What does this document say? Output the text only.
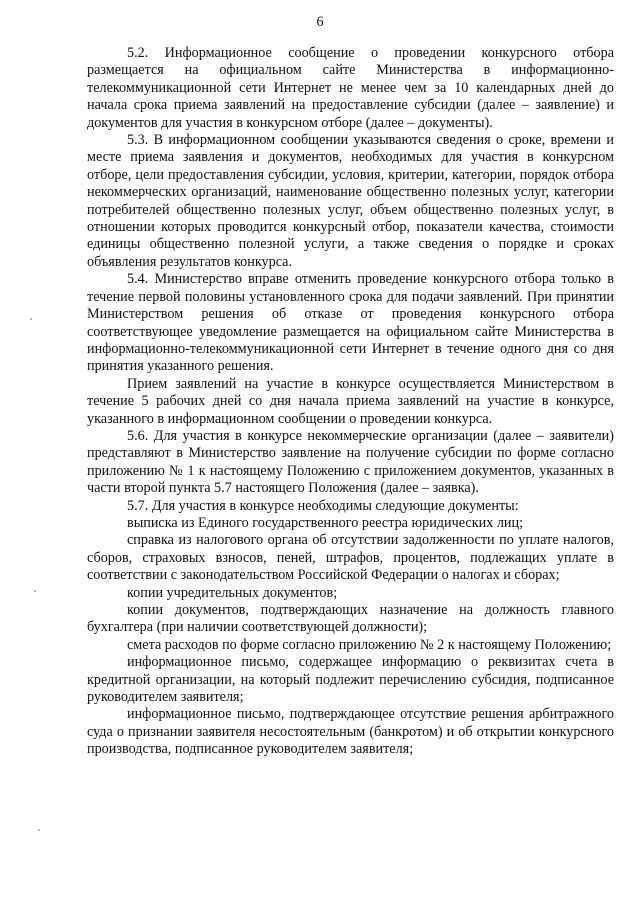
6

5.2. Информационное сообщение о проведении конкурсного отбора размещается на официальном сайте Министерства в информационно-телекоммуникационной сети Интернет не менее чем за 10 календарных дней до начала срока приема заявлений на предоставление субсидии (далее – заявление) и документов для участия в конкурсном отборе (далее – документы).

5.3. В информационном сообщении указываются сведения о сроке, времени и месте приема заявления и документов, необходимых для участия в конкурсном отборе, цели предоставления субсидии, условия, критерии, категории, порядок отбора некоммерческих организаций, наименование общественно полезных услуг, категории потребителей общественно полезных услуг, объем общественно полезных услуг, в отношении которых проводится конкурсный отбор, показатели качества, стоимости единицы общественно полезной услуги, а также сведения о порядке и сроках объявления результатов конкурса.

5.4. Министерство вправе отменить проведение конкурсного отбора только в течение первой половины установленного срока для подачи заявлений. При принятии Министерством решения об отказе от проведения конкурсного отбора соответствующее уведомление размещается на официальном сайте Министерства в информационно-телекоммуникационной сети Интернет в течение одного дня со дня принятия указанного решения.

Прием заявлений на участие в конкурсе осуществляется Министерством в течение 5 рабочих дней со дня начала приема заявлений на участие в конкурсе, указанного в информационном сообщении о проведении конкурса.

5.6. Для участия в конкурсе некоммерческие организации (далее – заявители) представляют в Министерство заявление на получение субсидии по форме согласно приложению № 1 к настоящему Положению с приложением документов, указанных в части второй пункта 5.7 настоящего Положения (далее – заявка).

5.7. Для участия в конкурсе необходимы следующие документы:

выписка из Единого государственного реестра юридических лиц;

справка из налогового органа об отсутствии задолженности по уплате налогов, сборов, страховых взносов, пеней, штрафов, процентов, подлежащих уплате в соответствии с законодательством Российской Федерации о налогах и сборах;

копии учредительных документов;

копии документов, подтверждающих назначение на должность главного бухгалтера (при наличии соответствующей должности);

смета расходов по форме согласно приложению № 2 к настоящему Положению;

информационное письмо, содержащее информацию о реквизитах счета в кредитной организации, на который подлежит перечислению субсидия, подписанное руководителем заявителя;

информационное письмо, подтверждающее отсутствие решения арбитражного суда о признании заявителя несостоятельным (банкротом) и об открытии конкурсного производства, подписанное руководителем заявителя;
